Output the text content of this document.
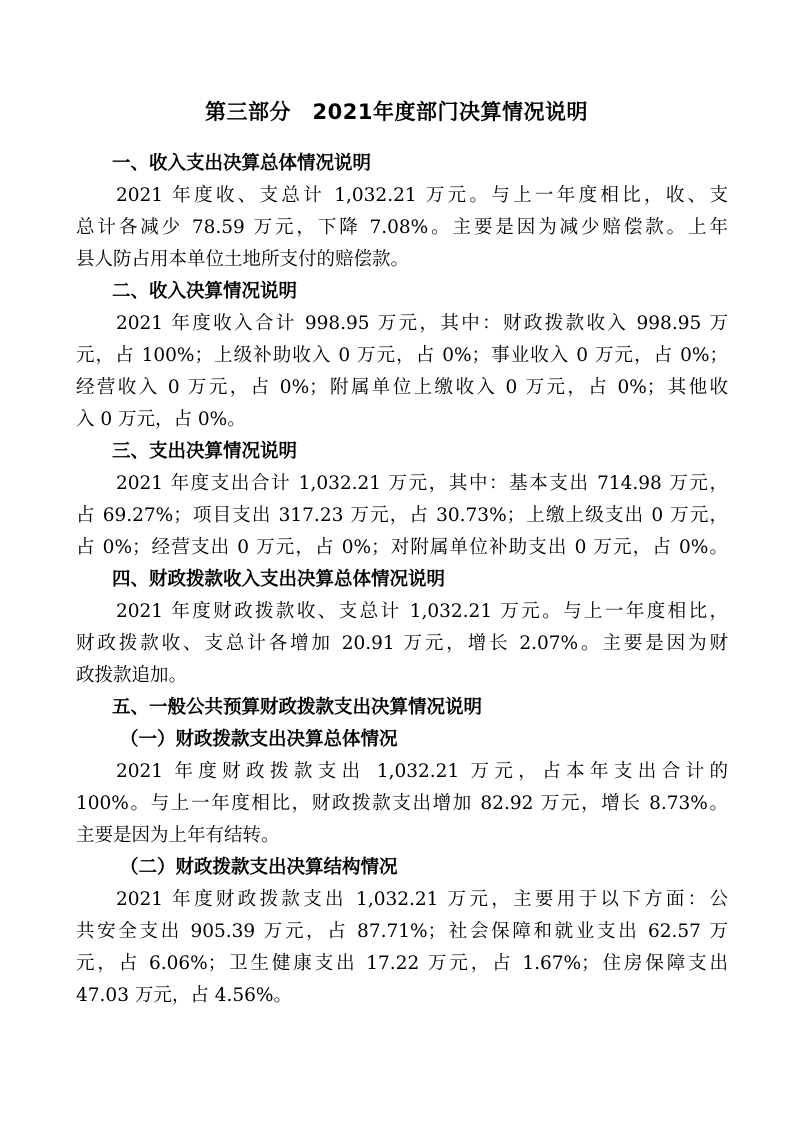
第三部分　2021年度部门决算情况说明
一、收入支出决算总体情况说明
2021 年度收、支总计 1,032.21 万元。与上一年度相比，收、支
总计各减少 78.59 万元，下降 7.08%。主要是因为减少赔偿款。上年
县人防占用本单位土地所支付的赔偿款。
二、收入决算情况说明
2021 年度收入合计 998.95 万元，其中：财政拨款收入 998.95 万
元，占 100%；上级补助收入 0 万元，占 0%；事业收入 0 万元，占 0%；
经营收入 0 万元，占 0%；附属单位上缴收入 0 万元，占 0%；其他收
入 0 万元，占 0%。
三、支出决算情况说明
2021 年度支出合计 1,032.21 万元，其中：基本支出 714.98 万元，
占 69.27%；项目支出 317.23 万元，占 30.73%；上缴上级支出 0 万元，
占 0%；经营支出 0 万元，占 0%；对附属单位补助支出 0 万元，占 0%。
四、财政拨款收入支出决算总体情况说明
2021 年度财政拨款收、支总计 1,032.21 万元。与上一年度相比，
财政拨款收、支总计各增加 20.91 万元，增长 2.07%。主要是因为财
政拨款追加。
五、一般公共预算财政拨款支出决算情况说明
（一）财政拨款支出决算总体情况
2021 年度财政拨款支出 1,032.21 万元，占本年支出合计的
100%。与上一年度相比，财政拨款支出增加 82.92 万元，增长 8.73%。
主要是因为上年有结转。
（二）财政拨款支出决算结构情况
2021 年度财政拨款支出 1,032.21 万元，主要用于以下方面：公
共安全支出 905.39 万元，占 87.71%；社会保障和就业支出 62.57 万
元，占 6.06%；卫生健康支出 17.22 万元，占 1.67%；住房保障支出
47.03 万元，占 4.56%。
